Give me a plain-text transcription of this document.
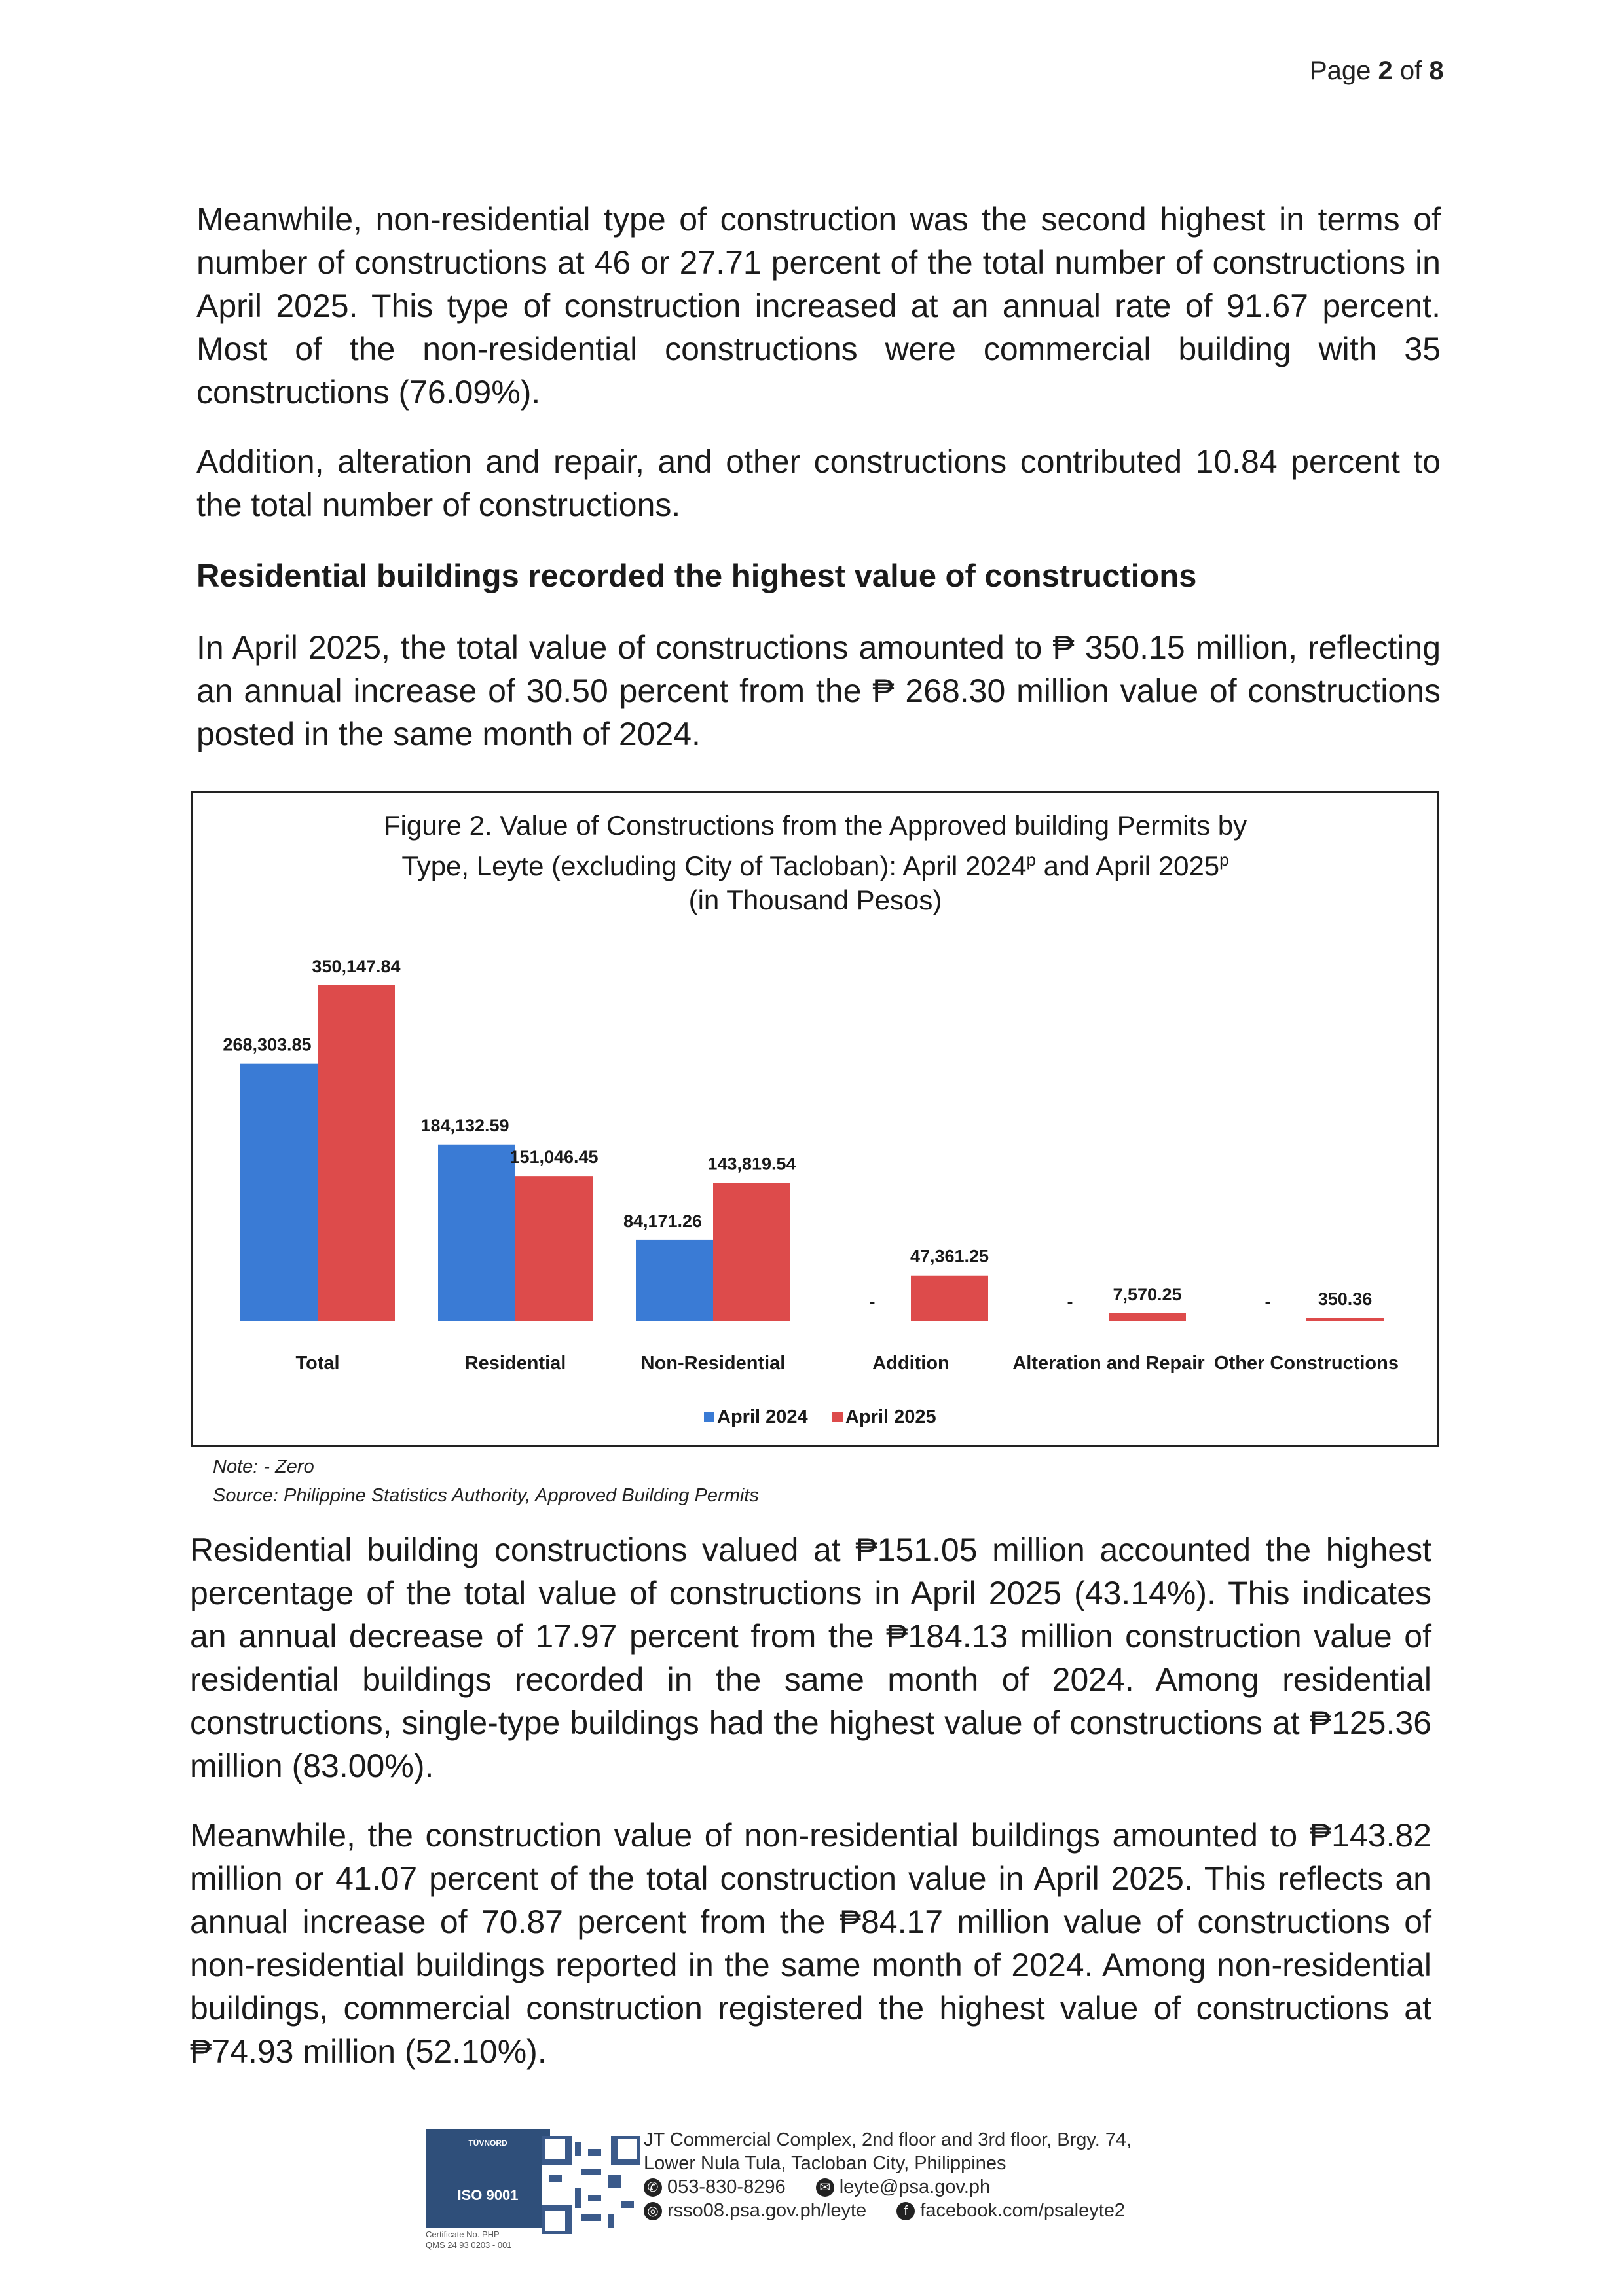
Page 2 of 8
Meanwhile, non-residential type of construction was the second highest in terms of number of constructions at 46 or 27.71 percent of the total number of constructions in April 2025. This type of construction increased at an annual rate of 91.67 percent. Most of the non-residential constructions were commercial building with 35 constructions (76.09%).
Addition, alteration and repair, and other constructions contributed 10.84 percent to the total number of constructions.
Residential buildings recorded the highest value of constructions
In April 2025, the total value of constructions amounted to ₱ 350.15 million, reflecting an annual increase of 30.50 percent from the ₱ 268.30 million value of constructions posted in the same month of 2024.
Figure 2. Value of Constructions from the Approved building Permits by
Type, Leyte (excluding City of Tacloban): April 2024$^p$ and April 2025$^p$
(in Thousand Pesos)
268,303.85
350,147.84
Total
184,132.59
151,046.45
Residential
84,171.26
143,819.54
Non-Residential
-
47,361.25
Addition
- 7,570.25
Alteration and Repair
-	350.36
Other Constructions
April 2024 April 2025
Note: - Zero
Source: Philippine Statistics Authority, Approved Building Permits
Residential building constructions valued at ₱151.05 million accounted the highest percentage of the total value of constructions in April 2025 (43.14%). This indicates an annual decrease of 17.97 percent from the ₱184.13 million construction value of residential buildings recorded in the same month of 2024. Among residential constructions, single-type buildings had the highest value of constructions at ₱125.36 million (83.00%).
Meanwhile, the construction value of non-residential buildings amounted to ₱143.82 million or 41.07 percent of the total construction value in April 2025. This reflects an annual increase of 70.87 percent from the ₱84.17 million value of constructions of non-residential buildings reported in the same month of 2024. Among non-residential buildings, commercial construction registered the highest value of constructions at ₱74.93 million (52.10%).
TÜVNORD
ISO 9001
Certificate No. PHP
QMS 24 93 0203 - 001
JT Commercial Complex, 2nd floor and 3rd floor, Brgy. 74,
Lower Nula Tula, Tacloban City, Philippines
✆ 053-830-8296	✉ leyte@psa.gov.ph
◎ rsso08.psa.gov.ph/leyte	f facebook.com/psaleyte2
